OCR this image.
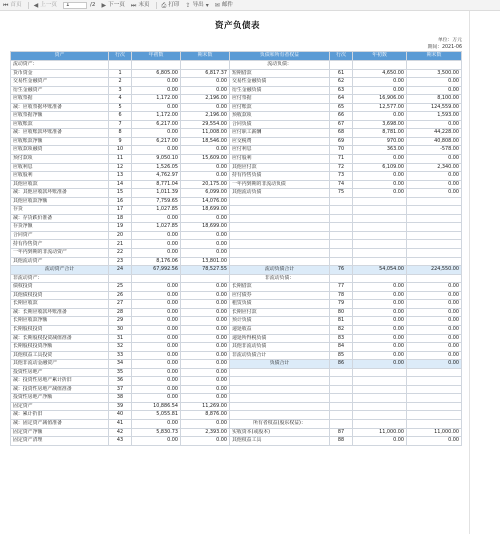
⏮ 首页 ◀ 上一页
1	/2 ▶ 下一页 ⏭ 末页 ⎙ 打印 ⇪ 导出 ▾ ✉ 邮件
资产负债表
单位：万元
期间：2021-06
资产	行次	年初数	期末数	负债和所有者权益	行次	年初数	期末数
流动资产：				流动负债：			
货币资金	1	6,805.00	6,817.37	短期借款	61	4,650.00	3,500.00
交易性金融资产	2	0.00	0.00	交易性金融负债	62	0.00	0.00
衍生金融资产	3	0.00	0.00	衍生金融负债	63	0.00	0.00
应收票据	4	1,172.00	2,196.00	应付票据	64	16,906.00	8,100.00
减：应收票据坏账准备	5	0.00	0.00	应付账款	65	12,577.00	124,559.00
应收票据净额	6	1,172.00	2,196.00	预收款项	66	0.00	1,593.00
应收账款	7	6,217.00	29,554.00	合同负债	67	3,698.00	0.00
减：应收账款坏账准备	8	0.00	11,008.00	应付职工薪酬	68	8,781.00	44,228.00
应收账款净额	9	6,217.00	18,546.00	应交税费	69	970.00	40,808.00
应收款项融资	10	0.00	0.00	应付利息	70	363.00	-578.00
预付款项	11	9,050.10	15,609.00	应付股利	71	0.00	0.00
应收利息	12	1,526.05	0.00	其他应付款	72	6,109.00	2,340.00
应收股利	13	4,762.97	0.00	持有待售负债	73	0.00	0.00
其他应收款	14	8,771.04	20,175.00	一年内到期的非流动负债	74	0.00	0.00
减：其他应收款坏账准备	15	1,011.39	6,099.00	其他流动负债	75	0.00	0.00
其他应收款净额	16	7,759.65	14,076.00				
存货	17	1,027.85	18,699.00				
减：存货跌价准备	18	0.00	0.00				
存货净额	19	1,027.85	18,699.00				
合同资产	20	0.00	0.00				
持有待售资产	21	0.00	0.00				
一年内到期的非流动资产	22	0.00	0.00				
其他流动资产	23	8,176.06	13,801.00				
流动资产合计	24	67,992.56	78,527.55	流动负债合计	76	54,054.00	224,550.00
非流动资产：				非流动负债：			
债权投资	25	0.00	0.00	长期借款	77	0.00	0.00
其他债权投资	26	0.00	0.00	应付债券	78	0.00	0.00
长期应收款	27	0.00	0.00	租赁负债	79	0.00	0.00
减：长期应收款坏账准备	28	0.00	0.00	长期应付款	80	0.00	0.00
长期应收款净额	29	0.00	0.00	预计负债	81	0.00	0.00
长期股权投资	30	0.00	0.00	递延收益	82	0.00	0.00
减：长期股权投资减值准备	31	0.00	0.00	递延所得税负债	83	0.00	0.00
长期股权投资净额	32	0.00	0.00	其他非流动负债	84	0.00	0.00
其他权益工具投资	33	0.00	0.00	非流动负债合计	85	0.00	0.00
其他非流动金融资产	34	0.00	0.00	负债合计	86	0.00	0.00
投资性房地产	35	0.00	0.00				
减：投资性房地产累计折旧	36	0.00	0.00				
减：投资性房地产减值准备	37	0.00	0.00				
投资性房地产净额	38	0.00	0.00				
固定资产	39	10,886.54	11,269.00				
减：累计折旧	40	5,055.81	8,876.00				
减：固定资产减值准备	41	0.00	0.00	所有者权益(股东权益)：			
固定资产净额	42	5,830.73	2,393.00	实收资本(或股本)	87	11,000.00	11,000.00
固定资产清理	43	0.00	0.00	其他权益工具	88	0.00	0.00
